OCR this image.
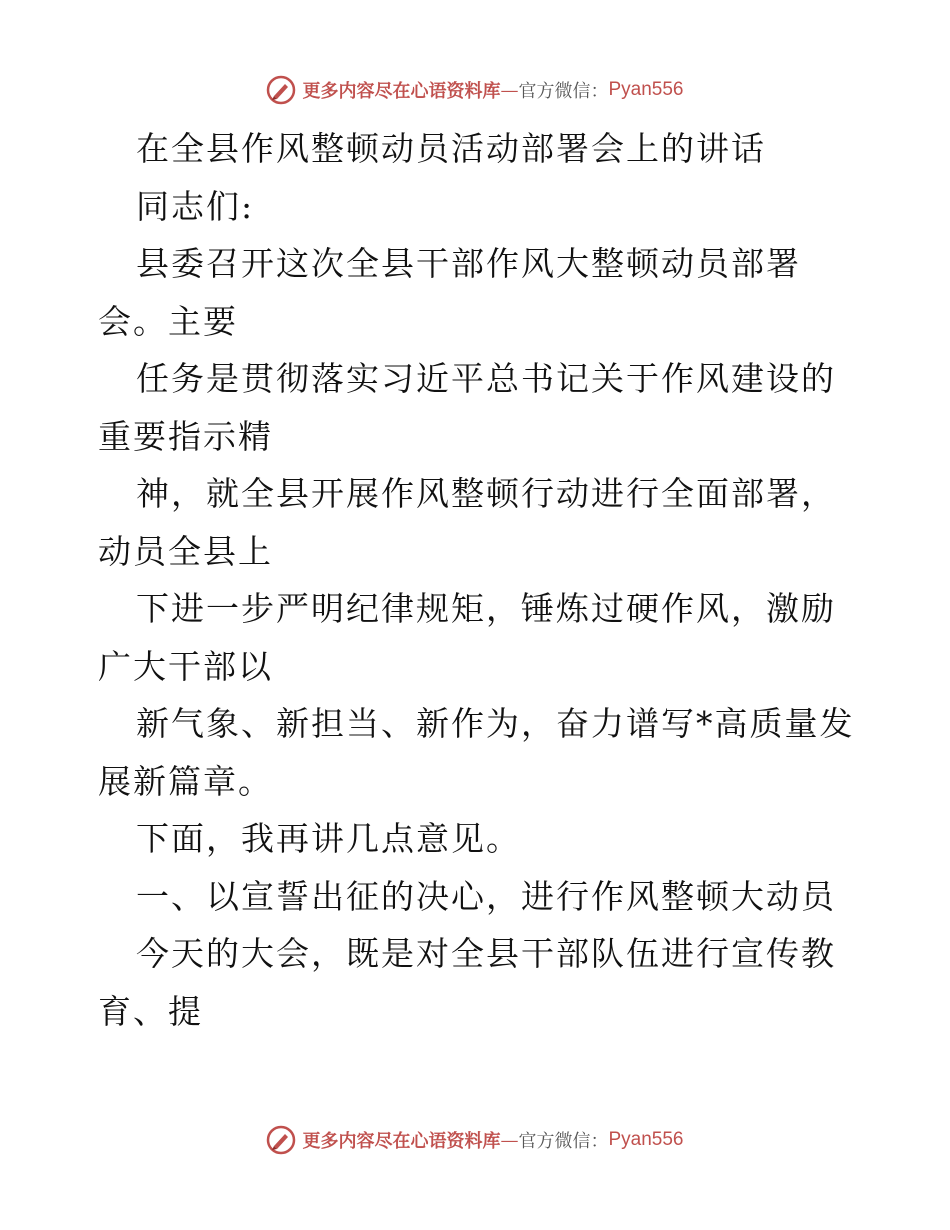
更多内容尽在心语资料库 — 官方微信： Pyan556

在全县作风整顿动员活动部署会上的讲话

同志们:

县委召开这次全县干部作风大整顿动员部署会。主要

任务是贯彻落实习近平总书记关于作风建设的重要指示精

神，就全县开展作风整顿行动进行全面部署，动员全县上

下进一步严明纪律规矩，锤炼过硬作风，激励广大干部以

新气象、新担当、新作为，奋力谱写*高质量发展新篇章。

下面，我再讲几点意见。

一、以宣誓出征的决心，进行作风整顿大动员

今天的大会，既是对全县干部队伍进行宣传教育、提

更多内容尽在心语资料库 — 官方微信： Pyan556
